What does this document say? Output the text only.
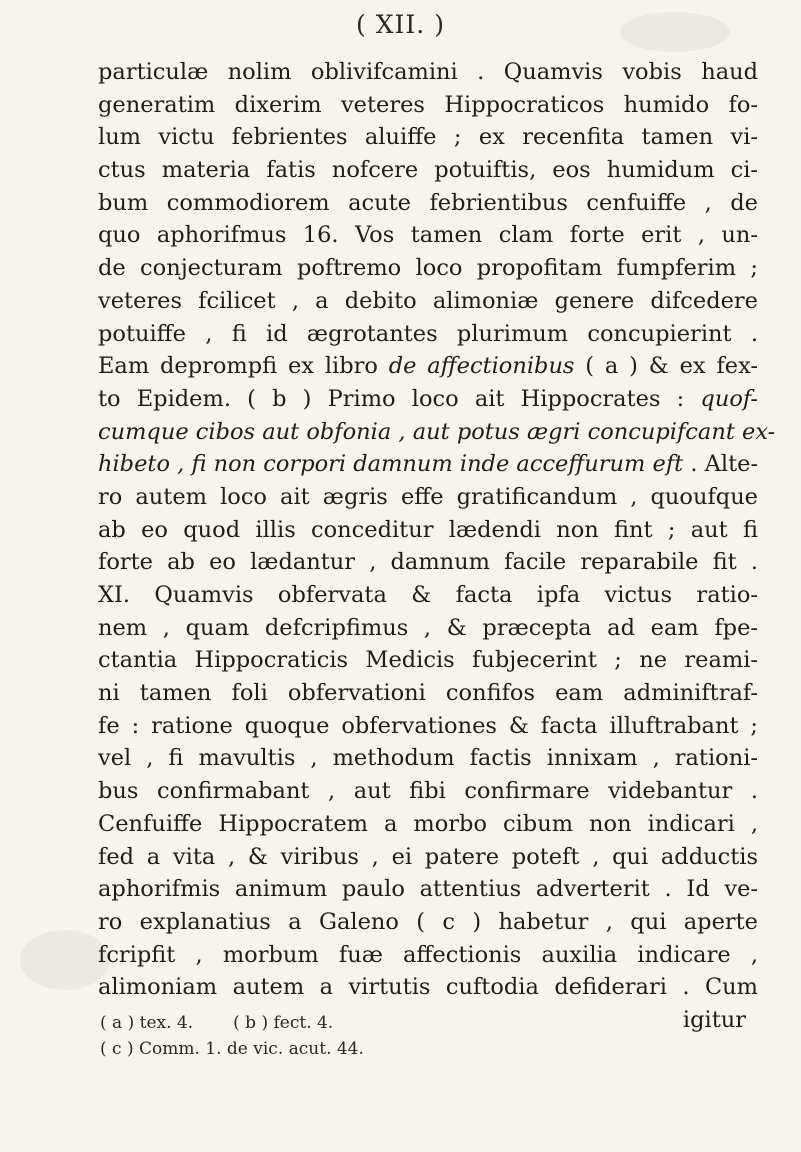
( XII. )
particulæ nolim oblivifcamini . Quamvis vobis haud
generatim dixerim veteres Hippocraticos humido fo-
lum victu febrientes aluiffe ; ex recenfita tamen vi-
ctus materia fatis nofcere potuiftis, eos humidum ci-
bum commodiorem acute febrientibus cenfuiffe , de
quo aphorifmus 16. Vos tamen clam forte erit , un-
de conjecturam poftremo loco propofitam fumpferim ;
veteres fcilicet , a debito alimoniæ genere difcedere
potuiffe , fi id ægrotantes plurimum concupierint .
Eam deprompfi ex libro de affectionibus ( a ) & ex fex-
to Epidem. ( b ) Primo loco ait Hippocrates : quof-
cumque cibos aut obfonia , aut potus ægri concupifcant ex-
hibeto , fi non corpori damnum inde acceffurum eft . Alte-
ro autem loco ait ægris effe gratificandum , quoufque
ab eo quod illis conceditur lædendi non fint ; aut fi
forte ab eo lædantur , damnum facile reparabile fit .
XI. Quamvis obfervata & facta ipfa victus ratio-
nem , quam defcripfimus , & præcepta ad eam fpe-
ctantia Hippocraticis Medicis fubjecerint ; ne reami-
ni tamen foli obfervationi confifos eam adminiftraf-
fe : ratione quoque obfervationes & facta illuftrabant ;
vel , fi mavultis , methodum factis innixam , rationi-
bus confirmabant , aut fibi confirmare videbantur .
Cenfuiffe Hippocratem a morbo cibum non indicari ,
fed a vita , & viribus , ei patere poteft , qui adductis
aphorifmis animum paulo attentius adverterit . Id ve-
ro explanatius a Galeno ( c ) habetur , qui aperte
fcripfit , morbum fuæ affectionis auxilia indicare ,
alimoniam autem a virtutis cuftodia defiderari . Cum
igitur
( a ) tex. 4. ( b ) fect. 4.
( c ) Comm. 1. de vic. acut. 44.
